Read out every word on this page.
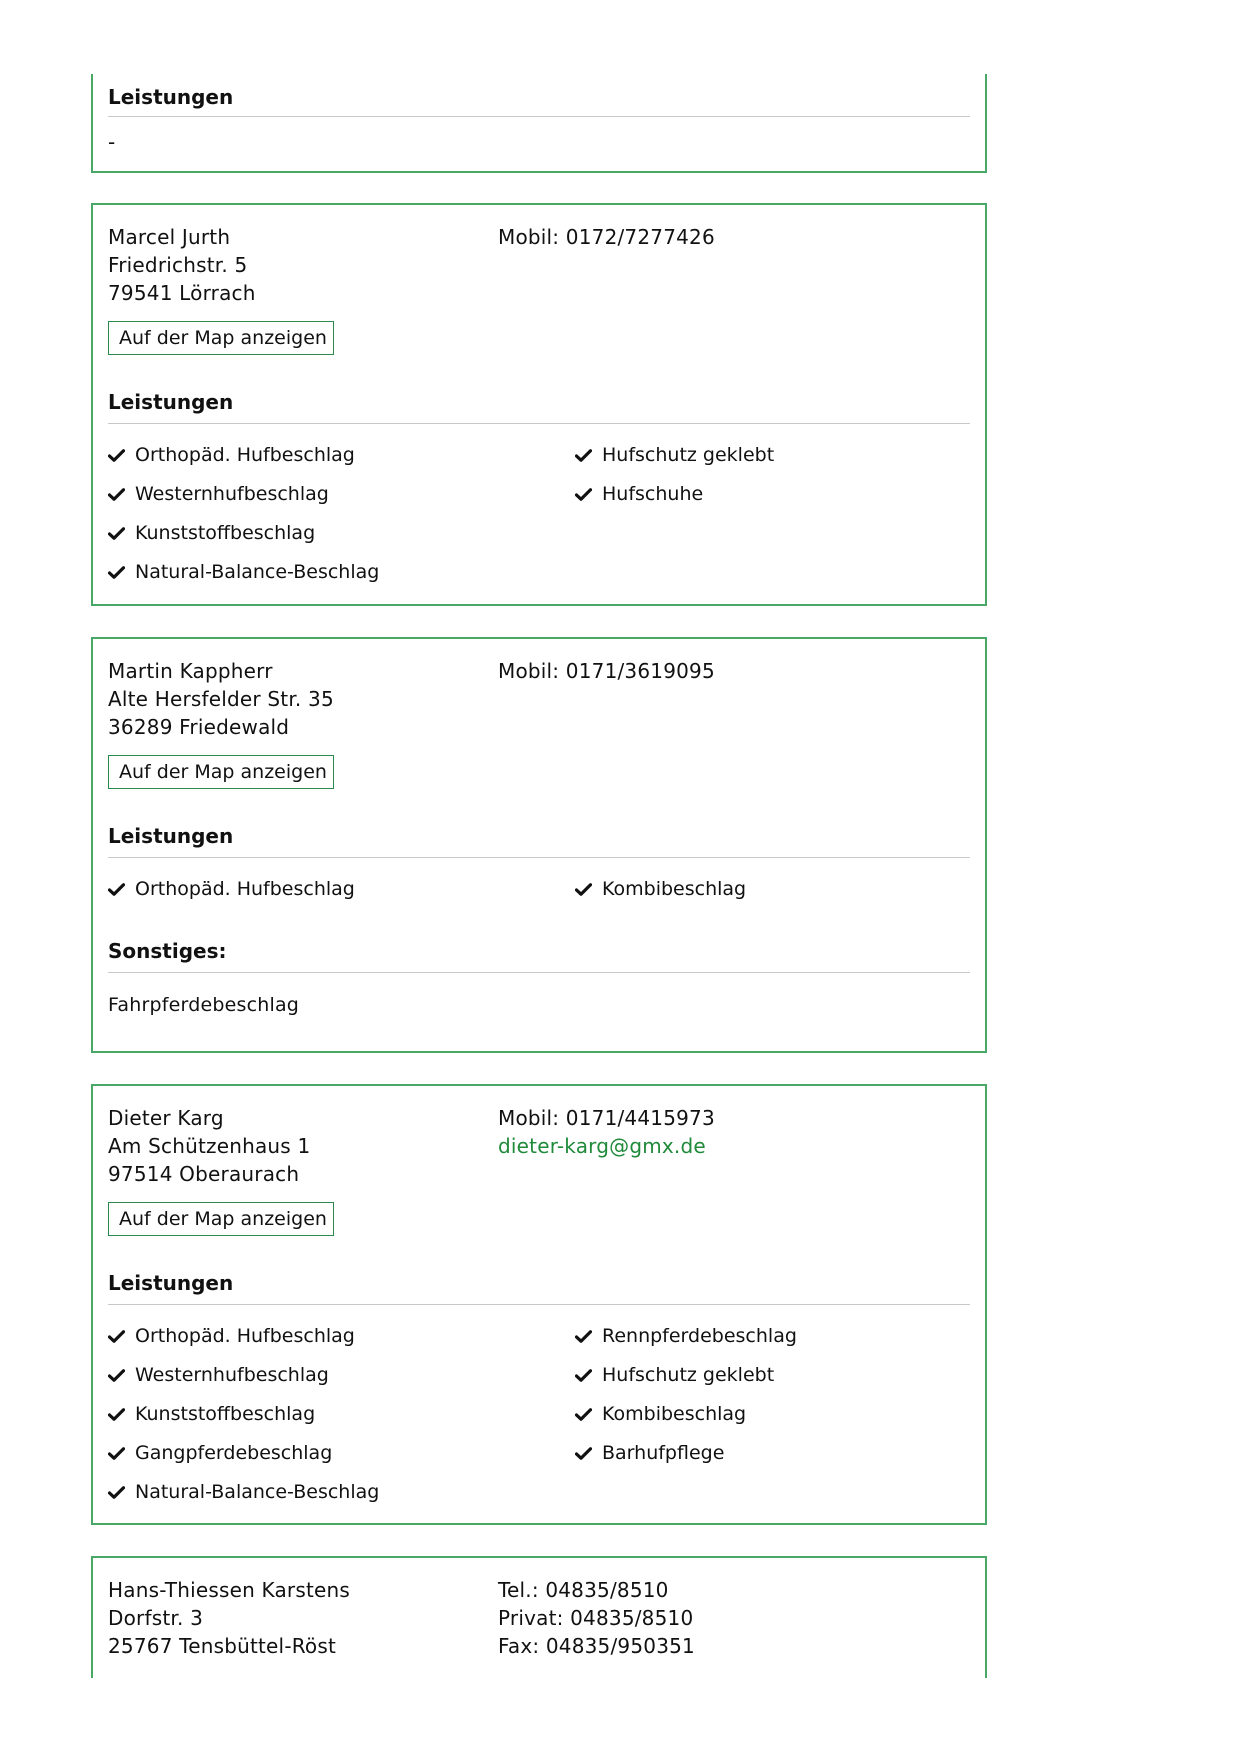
Leistungen
-
Marcel Jurth
Friedrichstr. 5
79541 Lörrach
Mobil: 0172/7277426
Auf der Map anzeigen
Leistungen
Orthopäd. Hufbeschlag
Westernhufbeschlag
Kunststoffbeschlag
Natural-Balance-Beschlag
Hufschutz geklebt
Hufschuhe
Martin Kappherr
Alte Hersfelder Str. 35
36289 Friedewald
Mobil: 0171/3619095
Auf der Map anzeigen
Leistungen
Orthopäd. Hufbeschlag	Kombibeschlag
Sonstiges:
Fahrpferdebeschlag
Dieter Karg
Am Schützenhaus 1
97514 Oberaurach
Mobil: 0171/4415973
dieter-karg@gmx.de
Auf der Map anzeigen
Leistungen
Orthopäd. Hufbeschlag
Westernhufbeschlag
Kunststoffbeschlag
Gangpferdebeschlag
Natural-Balance-Beschlag
Rennpferdebeschlag
Hufschutz geklebt
Kombibeschlag
Barhufpflege
Hans-Thiessen Karstens
Dorfstr. 3
25767 Tensbüttel-Röst
Tel.: 04835/8510
Privat: 04835/8510
Fax: 04835/950351
